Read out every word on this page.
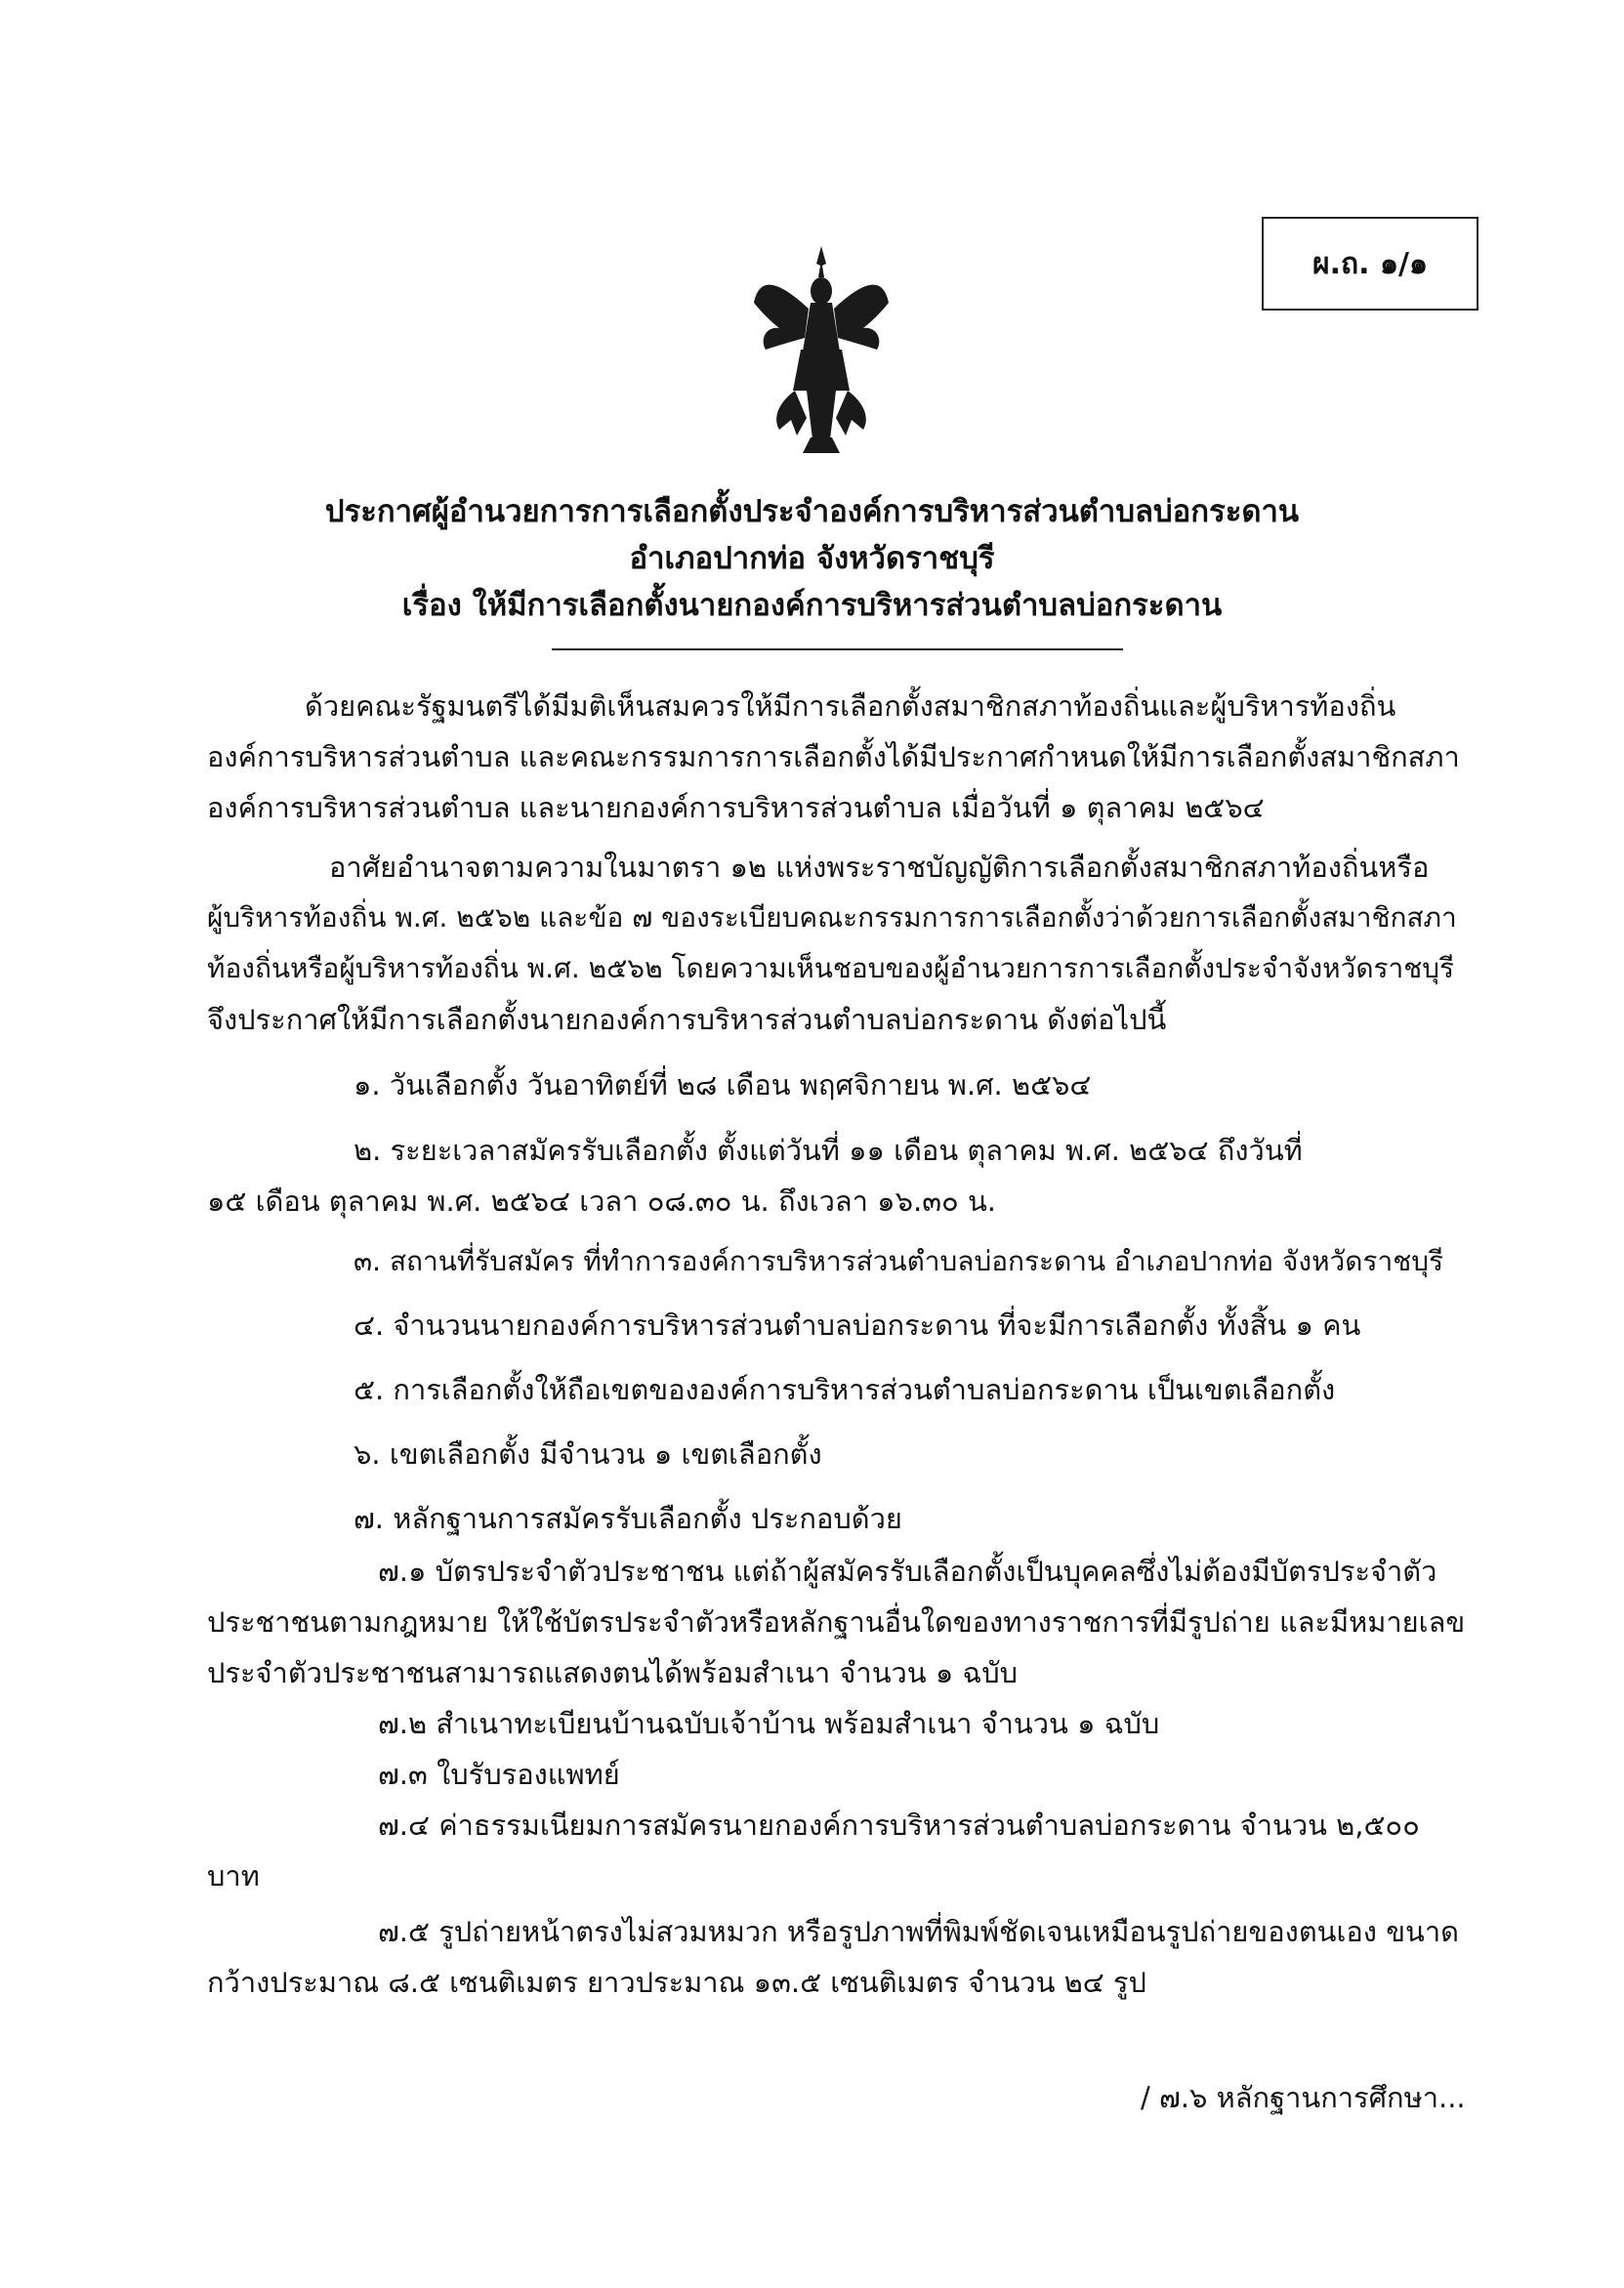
ผ.ถ. ๑/๑
ประกาศผู้อำนวยการการเลือกตั้งประจำองค์การบริหารส่วนตำบลบ่อกระดาน
อำเภอปากท่อ จังหวัดราชบุรี
เรื่อง ให้มีการเลือกตั้งนายกองค์การบริหารส่วนตำบลบ่อกระดาน
ด้วยคณะรัฐมนตรีได้มีมติเห็นสมควรให้มีการเลือกตั้งสมาชิกสภาท้องถิ่นและผู้บริหารท้องถิ่น
องค์การบริหารส่วนตำบล และคณะกรรมการการเลือกตั้งได้มีประกาศกำหนดให้มีการเลือกตั้งสมาชิกสภา
องค์การบริหารส่วนตำบล และนายกองค์การบริหารส่วนตำบล เมื่อวันที่ ๑ ตุลาคม ๒๕๖๔
อาศัยอำนาจตามความในมาตรา ๑๒ แห่งพระราชบัญญัติการเลือกตั้งสมาชิกสภาท้องถิ่นหรือ
ผู้บริหารท้องถิ่น พ.ศ. ๒๕๖๒ และข้อ ๗ ของระเบียบคณะกรรมการการเลือกตั้งว่าด้วยการเลือกตั้งสมาชิกสภา
ท้องถิ่นหรือผู้บริหารท้องถิ่น พ.ศ. ๒๕๖๒ โดยความเห็นชอบของผู้อำนวยการการเลือกตั้งประจำจังหวัดราชบุรี
จึงประกาศให้มีการเลือกตั้งนายกองค์การบริหารส่วนตำบลบ่อกระดาน ดังต่อไปนี้
๑. วันเลือกตั้ง วันอาทิตย์ที่ ๒๘ เดือน พฤศจิกายน พ.ศ. ๒๕๖๔
๒. ระยะเวลาสมัครรับเลือกตั้ง ตั้งแต่วันที่ ๑๑ เดือน ตุลาคม พ.ศ. ๒๕๖๔ ถึงวันที่
๑๕ เดือน ตุลาคม พ.ศ. ๒๕๖๔ เวลา ๐๘.๓๐ น. ถึงเวลา ๑๖.๓๐ น.
๓. สถานที่รับสมัคร ที่ทำการองค์การบริหารส่วนตำบลบ่อกระดาน อำเภอปากท่อ จังหวัดราชบุรี
๔. จำนวนนายกองค์การบริหารส่วนตำบลบ่อกระดาน ที่จะมีการเลือกตั้ง ทั้งสิ้น ๑ คน
๕. การเลือกตั้งให้ถือเขตขององค์การบริหารส่วนตำบลบ่อกระดาน เป็นเขตเลือกตั้ง
๖. เขตเลือกตั้ง มีจำนวน ๑ เขตเลือกตั้ง
๗. หลักฐานการสมัครรับเลือกตั้ง ประกอบด้วย
๗.๑ บัตรประจำตัวประชาชน แต่ถ้าผู้สมัครรับเลือกตั้งเป็นบุคคลซึ่งไม่ต้องมีบัตรประจำตัว
ประชาชนตามกฎหมาย ให้ใช้บัตรประจำตัวหรือหลักฐานอื่นใดของทางราชการที่มีรูปถ่าย และมีหมายเลข
ประจำตัวประชาชนสามารถแสดงตนได้พร้อมสำเนา จำนวน ๑ ฉบับ
๗.๒ สำเนาทะเบียนบ้านฉบับเจ้าบ้าน พร้อมสำเนา จำนวน ๑ ฉบับ
๗.๓ ใบรับรองแพทย์
๗.๔ ค่าธรรมเนียมการสมัครนายกองค์การบริหารส่วนตำบลบ่อกระดาน จำนวน ๒,๕๐๐
บาท
๗.๕ รูปถ่ายหน้าตรงไม่สวมหมวก หรือรูปภาพที่พิมพ์ชัดเจนเหมือนรูปถ่ายของตนเอง ขนาด
กว้างประมาณ ๘.๕ เซนติเมตร ยาวประมาณ ๑๓.๕ เซนติเมตร จำนวน ๒๔ รูป
/ ๗.๖ หลักฐานการศึกษา...
